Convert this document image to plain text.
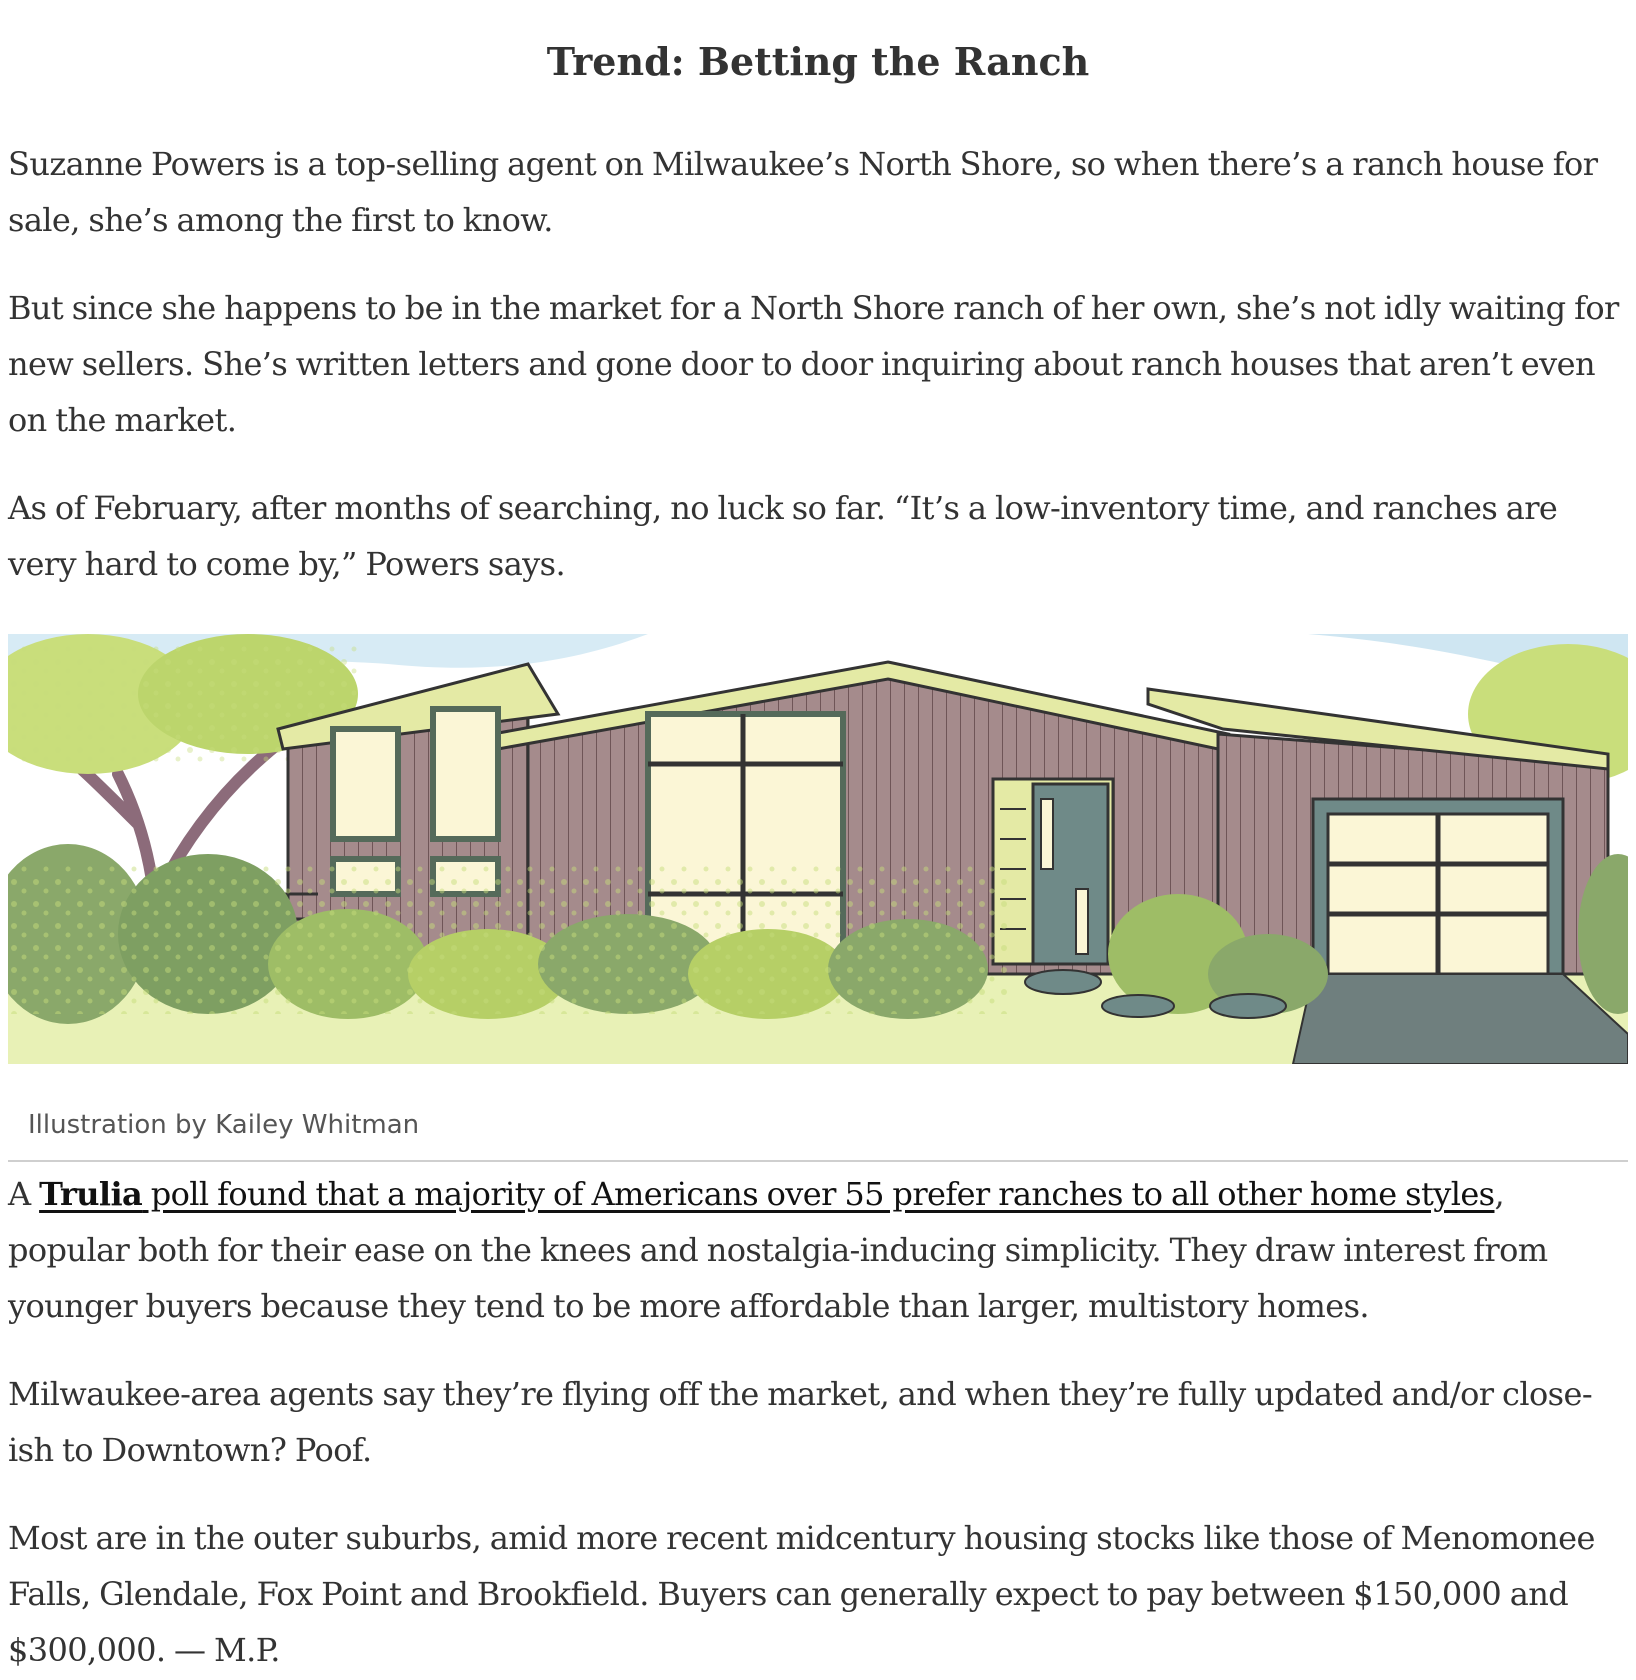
Trend: Betting the Ranch

Suzanne Powers is a top-selling agent on Milwaukee’s North Shore, so when there’s a ranch house for sale, she’s among the first to know.

But since she happens to be in the market for a North Shore ranch of her own, she’s not idly waiting for new sellers. She’s written letters and gone door to door inquiring about ranch houses that aren’t even on the market.

As of February, after months of searching, no luck so far. “It’s a low-inventory time, and ranches are very hard to come by,” Powers says.

Illustration by Kailey Whitman

A Trulia poll found that a majority of Americans over 55 prefer ranches to all other home styles, popular both for their ease on the knees and nostalgia-inducing simplicity. They draw interest from younger buyers because they tend to be more affordable than larger, multistory homes.

Milwaukee-area agents say they’re flying off the market, and when they’re fully updated and/or close-ish to Downtown? Poof.

Most are in the outer suburbs, amid more recent midcentury housing stocks like those of Menomonee Falls, Glendale, Fox Point and Brookfield. Buyers can generally expect to pay between $150,000 and $300,000. — M.P.
